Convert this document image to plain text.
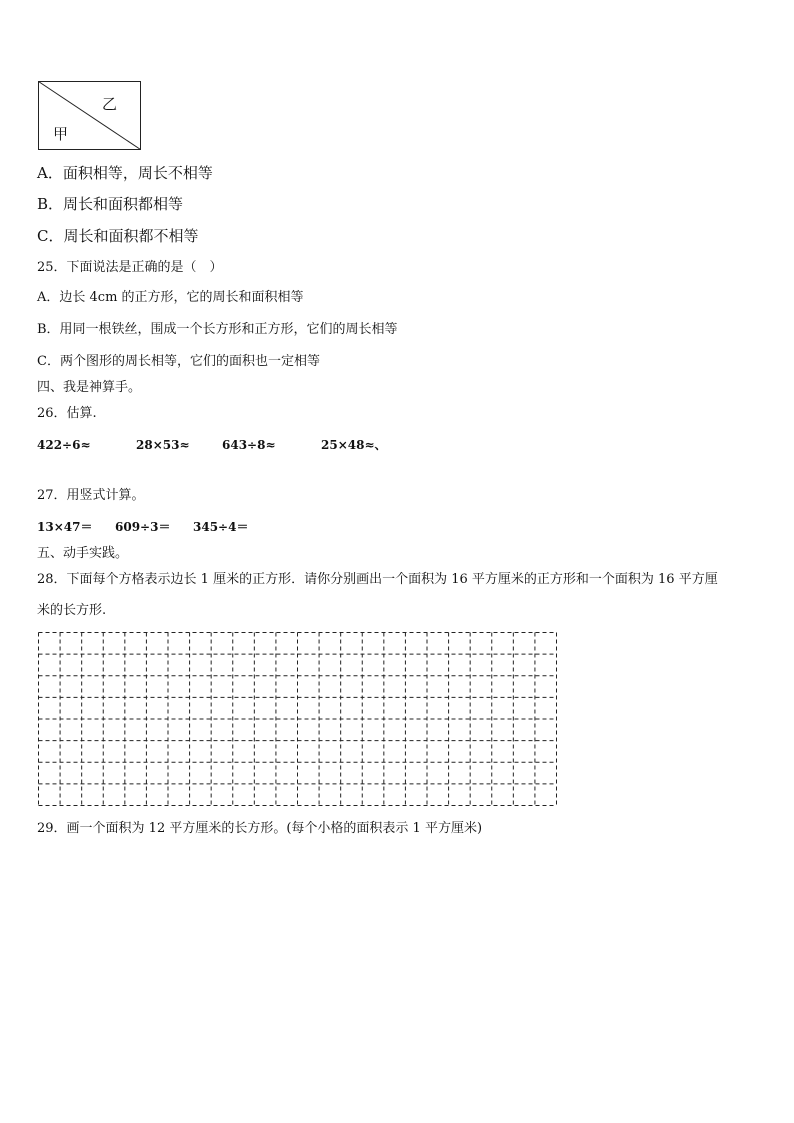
乙
甲
A．面积相等，周长不相等
B．周长和面积都相等
C．周长和面积都不相等
25．下面说法是正确的是（　）
A．边长 4cm 的正方形，它的周长和面积相等
B．用同一根铁丝，围成一个长方形和正方形，它们的周长相等
C．两个图形的周长相等，它们的面积也一定相等
四、我是神算手。
26．估算.
422÷6≈	28×53≈	643÷8≈	25×48≈、
27．用竖式计算。
13×47＝ 609÷3＝ 345÷4＝
五、动手实践。
28．下面每个方格表示边长 1 厘米的正方形．请你分别画出一个面积为 16 平方厘米的正方形和一个面积为 16 平方厘
米的长方形.
29．画一个面积为 12 平方厘米的长方形。(每个小格的面积表示 1 平方厘米)
